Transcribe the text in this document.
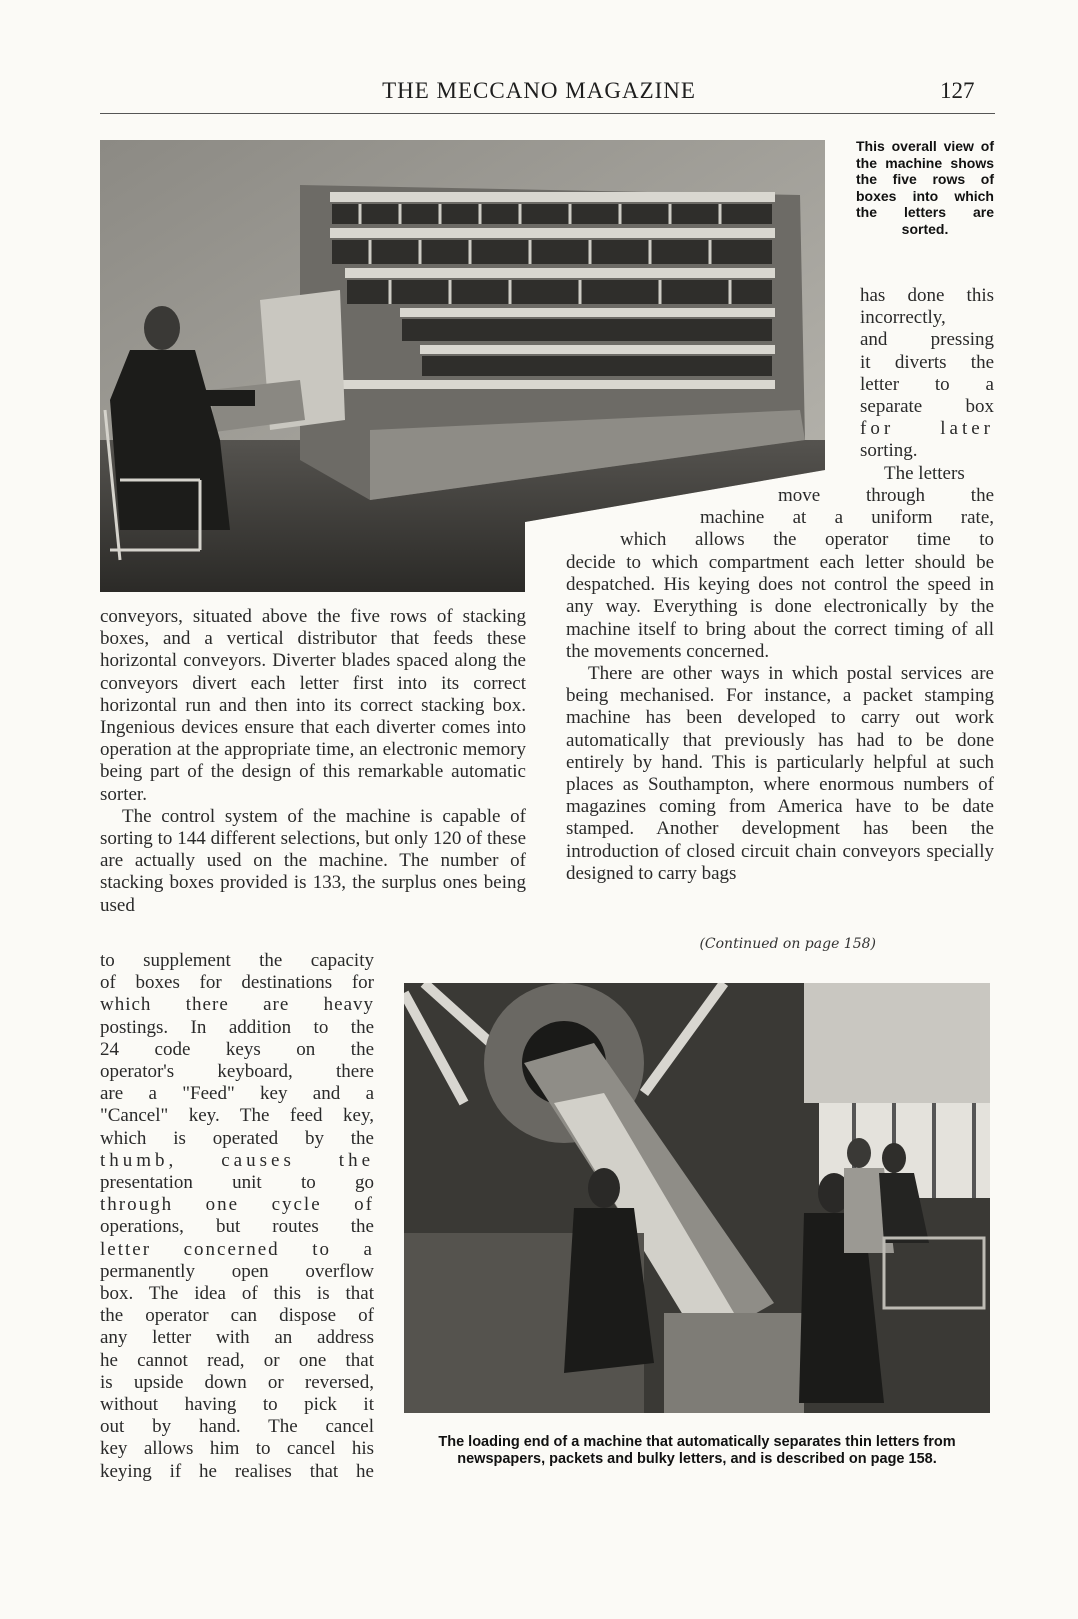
THE MECCANO MAGAZINE	127
This overall view of the machine shows the five rows of boxes into which the letters are sorted.
has done this
incorrectly,
and pressing
it diverts the
letter to a
separate box
for later
sorting.
The letters
move through the
machine at a uniform rate,
which allows the operator time to
decide to which compartment each letter should be despatched. His keying does not control the speed in any way. Everything is done electronically by the machine itself to bring about the correct timing of all the movements concerned.
There are other ways in which postal services are being mechanised. For instance, a packet stamping machine has been developed to carry out work automatically that previously has had to be done entirely by hand. This is particularly helpful at such places as Southampton, where enormous numbers of magazines coming from America have to be date stamped. Another development has been the introduction of closed circuit chain conveyors specially designed to carry bags
(Continued on page 158)
conveyors, situated above the five rows of stacking boxes, and a vertical distributor that feeds these horizontal conveyors. Diverter blades spaced along the conveyors divert each letter first into its correct horizontal run and then into its correct stacking box. Ingenious devices ensure that each diverter comes into operation at the appropriate time, an electronic memory being part of the design of this remarkable automatic sorter.
The control system of the machine is capable of sorting to 144 different selections, but only 120 of these are actually used on the machine. The number of stacking boxes provided is 133, the surplus ones being used
to supplement the capacity
of boxes for destinations for
which there are heavy
postings. In addition to the
24 code keys on the
operator's keyboard, there
are a "Feed" key and a
"Cancel" key. The feed key,
which is operated by the
thumb, causes the
presentation unit to go
through one cycle of
operations, but routes the
letter concerned to a
permanently open overflow
box. The idea of this is that
the operator can dispose of
any letter with an address
he cannot read, or one that
is upside down or reversed,
without having to pick it
out by hand. The cancel
key allows him to cancel his
keying if he realises that he
The loading end of a machine that automatically separates thin letters from
newspapers, packets and bulky letters, and is described on page 158.
